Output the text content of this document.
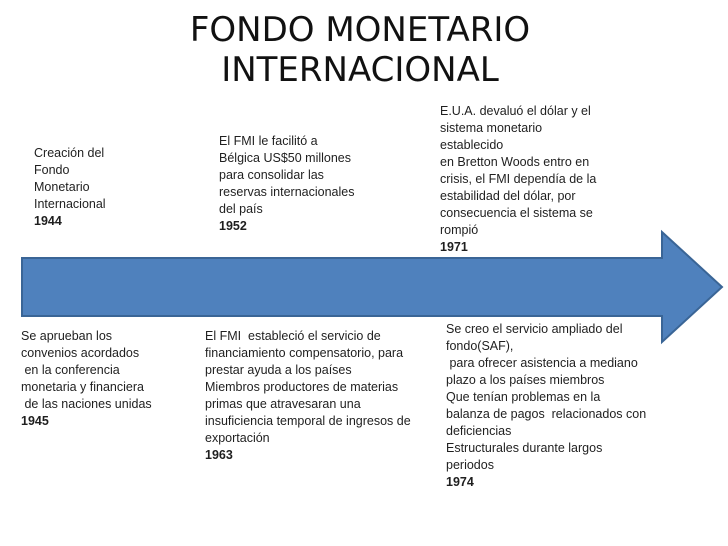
FONDO MONETARIO
INTERNACIONAL
Creación del
Fondo
Monetario
Internacional
1944
El FMI le facilitó a
Bélgica US$50 millones
para consolidar las
reservas internacionales
del país
1952
E.U.A. devaluó el dólar y el
sistema monetario
establecido
en Bretton Woods entro en
crisis, el FMI dependía de la
estabilidad del dólar, por
consecuencia el sistema se
rompió
1971
Se aprueban los
convenios acordados
en la conferencia
monetaria y financiera
de las naciones unidas
1945
El FMI  estableció el servicio de
financiamiento compensatorio, para
prestar ayuda a los países
Miembros productores de materias
primas que atravesaran una
insuficiencia temporal de ingresos de
exportación
1963
Se creo el servicio ampliado del
fondo(SAF),
para ofrecer asistencia a mediano
plazo a los países miembros
Que tenían problemas en la
balanza de pagos  relacionados con
deficiencias
Estructurales durante largos
periodos
1974
